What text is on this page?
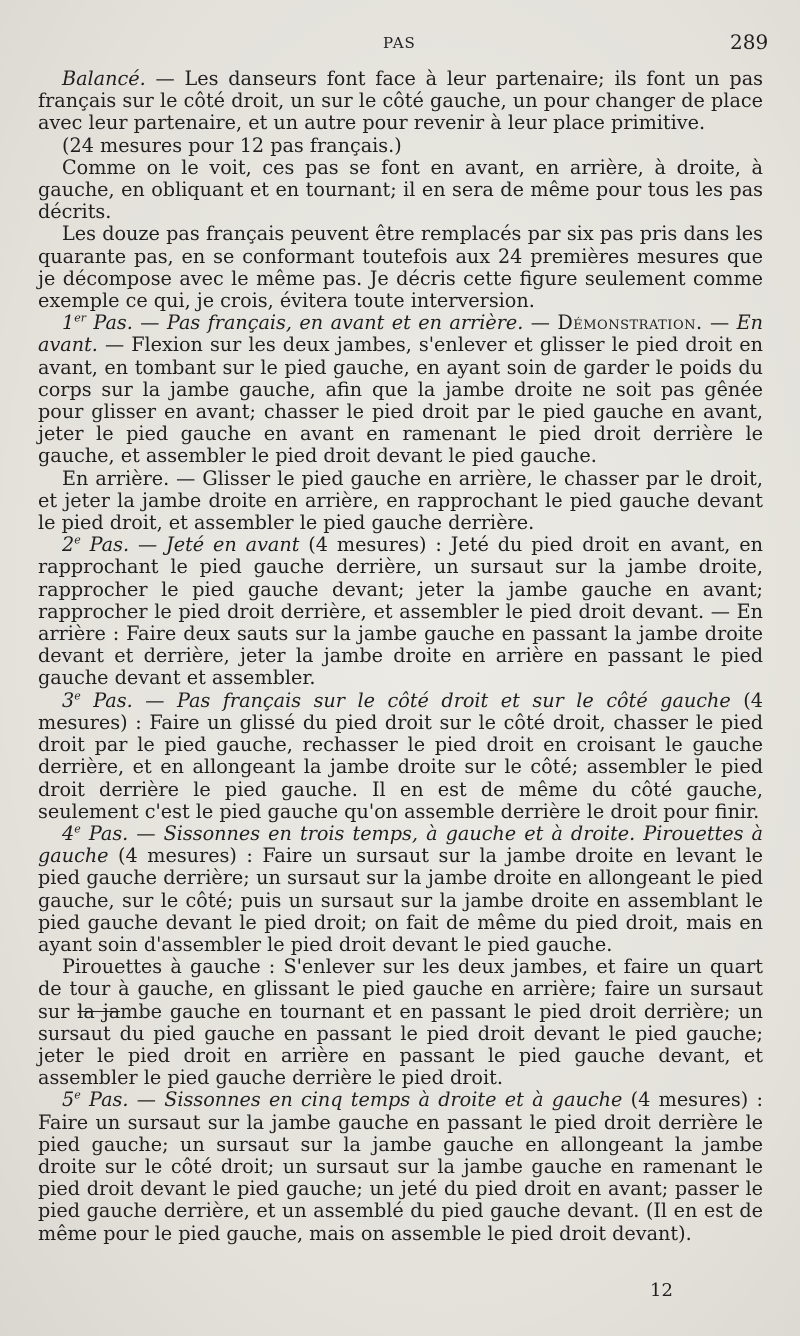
PAS	289

Balancé. — Les danseurs font face à leur partenaire; ils font un pas français sur le côté droit, un sur le côté gauche, un pour changer de place avec leur partenaire, et un autre pour revenir à leur place primitive.

(24 mesures pour 12 pas français.)

Comme on le voit, ces pas se font en avant, en arrière, à droite, à gauche, en obliquant et en tournant; il en sera de même pour tous les pas décrits.

Les douze pas français peuvent être remplacés par six pas pris dans les quarante pas, en se conformant toutefois aux 24 premières mesures que je décompose avec le même pas. Je décris cette figure seulement comme exemple ce qui, je crois, évitera toute interversion.

1er Pas. — Pas français, en avant et en arrière. — Démonstration. — En avant. — Flexion sur les deux jambes, s'enlever et glisser le pied droit en avant, en tombant sur le pied gauche, en ayant soin de garder le poids du corps sur la jambe gauche, afin que la jambe droite ne soit pas gênée pour glisser en avant; chasser le pied droit par le pied gauche en avant, jeter le pied gauche en avant en ramenant le pied droit derrière le gauche, et assembler le pied droit devant le pied gauche.

En arrière. — Glisser le pied gauche en arrière, le chasser par le droit, et jeter la jambe droite en arrière, en rapprochant le pied gauche devant le pied droit, et assembler le pied gauche derrière.

2e Pas. — Jeté en avant (4 mesures) : Jeté du pied droit en avant, en rapprochant le pied gauche derrière, un sursaut sur la jambe droite, rapprocher le pied gauche devant; jeter la jambe gauche en avant; rapprocher le pied droit derrière, et assembler le pied droit devant. — En arrière : Faire deux sauts sur la jambe gauche en passant la jambe droite devant et derrière, jeter la jambe droite en arrière en passant le pied gauche devant et assembler.

3e Pas. — Pas français sur le côté droit et sur le côté gauche (4 mesures) : Faire un glissé du pied droit sur le côté droit, chasser le pied droit par le pied gauche, rechasser le pied droit en croisant le gauche derrière, et en allongeant la jambe droite sur le côté; assembler le pied droit derrière le pied gauche. Il en est de même du côté gauche, seulement c'est le pied gauche qu'on assemble derrière le droit pour finir.

4e Pas. — Sissonnes en trois temps, à gauche et à droite. Pirouettes à gauche (4 mesures) : Faire un sursaut sur la jambe droite en levant le pied gauche derrière; un sursaut sur la jambe droite en allongeant le pied gauche, sur le côté; puis un sursaut sur la jambe droite en assemblant le pied gauche devant le pied droit; on fait de même du pied droit, mais en ayant soin d'assembler le pied droit devant le pied gauche.

Pirouettes à gauche : S'enlever sur les deux jambes, et faire un quart de tour à gauche, en glissant le pied gauche en arrière; faire un sursaut sur la jambe gauche en tournant et en passant le pied droit derrière; un sursaut du pied gauche en passant le pied droit devant le pied gauche; jeter le pied droit en arrière en passant le pied gauche devant, et assembler le pied gauche derrière le pied droit.

5e Pas. — Sissonnes en cinq temps à droite et à gauche (4 mesures) : Faire un sursaut sur la jambe gauche en passant le pied droit derrière le pied gauche; un sursaut sur la jambe gauche en allongeant la jambe droite sur le côté droit; un sursaut sur la jambe gauche en ramenant le pied droit devant le pied gauche; un jeté du pied droit en avant; passer le pied gauche derrière, et un assemblé du pied gauche devant. (Il en est de même pour le pied gauche, mais on assemble le pied droit devant).

12
